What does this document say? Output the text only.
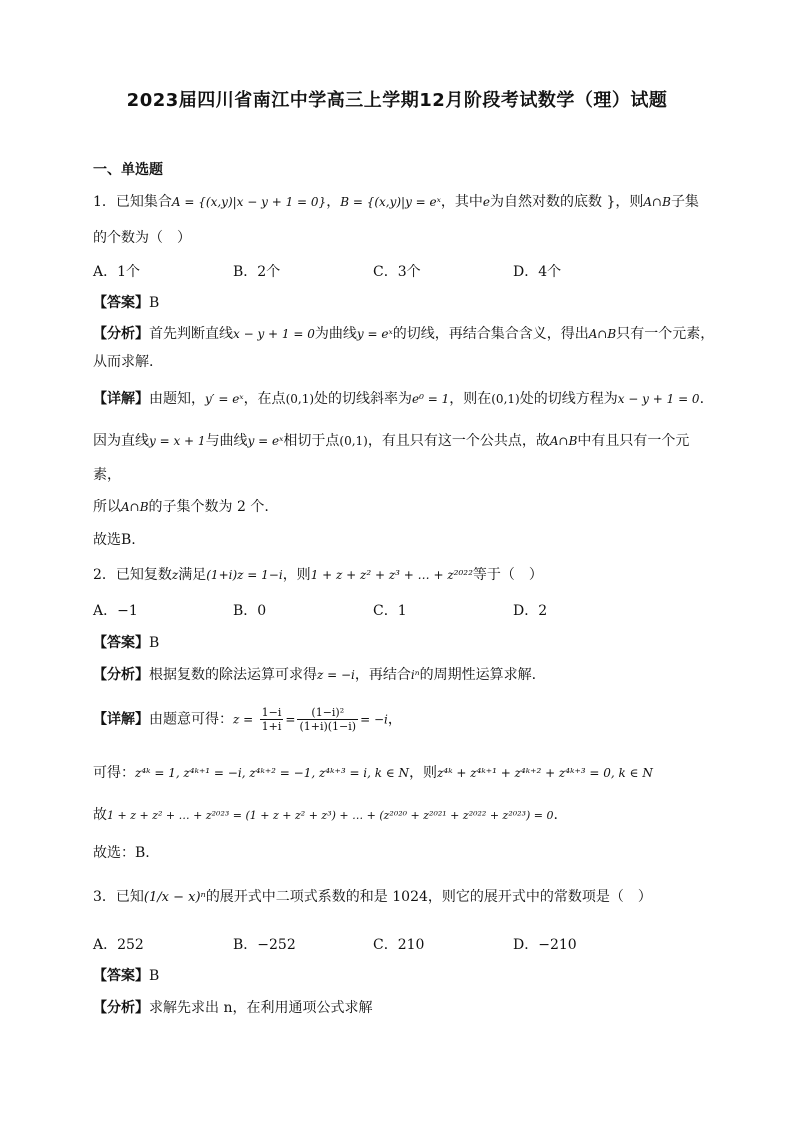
2023届四川省南江中学高三上学期12月阶段考试数学（理）试题
一、单选题
1．已知集合A = {(x,y)|x − y + 1 = 0}，B = {(x,y)|y = eˣ，其中e为自然对数的底数 }，则A∩B子集
的个数为（　）
A．1个	B．2个	C．3个	D．4个
【答案】B
【分析】首先判断直线x − y + 1 = 0为曲线y = eˣ的切线，再结合集合含义，得出A∩B只有一个元素，
从而求解.
【详解】由题知，y′ = eˣ，在点(0,1)处的切线斜率为e⁰ = 1，则在(0,1)处的切线方程为x − y + 1 = 0.
因为直线y = x + 1与曲线y = eˣ相切于点(0,1)，有且只有这一个公共点，故A∩B中有且只有一个元
素，
所以A∩B的子集个数为 2 个.
故选B.
2．已知复数z满足(1+i)z = 1−i，则1 + z + z² + z³ + … + z²⁰²²等于（　）
A．−1	B．0	C．1	D．2
【答案】B
【分析】根据复数的除法运算可求得z = −i，再结合iⁿ的周期性运算求解.
【详解】由题意可得：$z = \frac{1-i}{1+i} = \frac{\text{(1−i)²}}{(1+i)(1-i)} = -i$，
可得：z⁴ᵏ = 1, z⁴ᵏ⁺¹ = −i, z⁴ᵏ⁺² = −1, z⁴ᵏ⁺³ = i, k ∈ N，则z⁴ᵏ + z⁴ᵏ⁺¹ + z⁴ᵏ⁺² + z⁴ᵏ⁺³ = 0, k ∈ N
故1 + z + z² + … + z²⁰²³ = (1 + z + z² + z³) + … + (z²⁰²⁰ + z²⁰²¹ + z²⁰²² + z²⁰²³) = 0.
故选：B.
3．已知(1/x − x)ⁿ的展开式中二项式系数的和是 1024，则它的展开式中的常数项是（　）
A．252	B．−252	C．210	D．−210
【答案】B
【分析】求解先求出 n，在利用通项公式求解
